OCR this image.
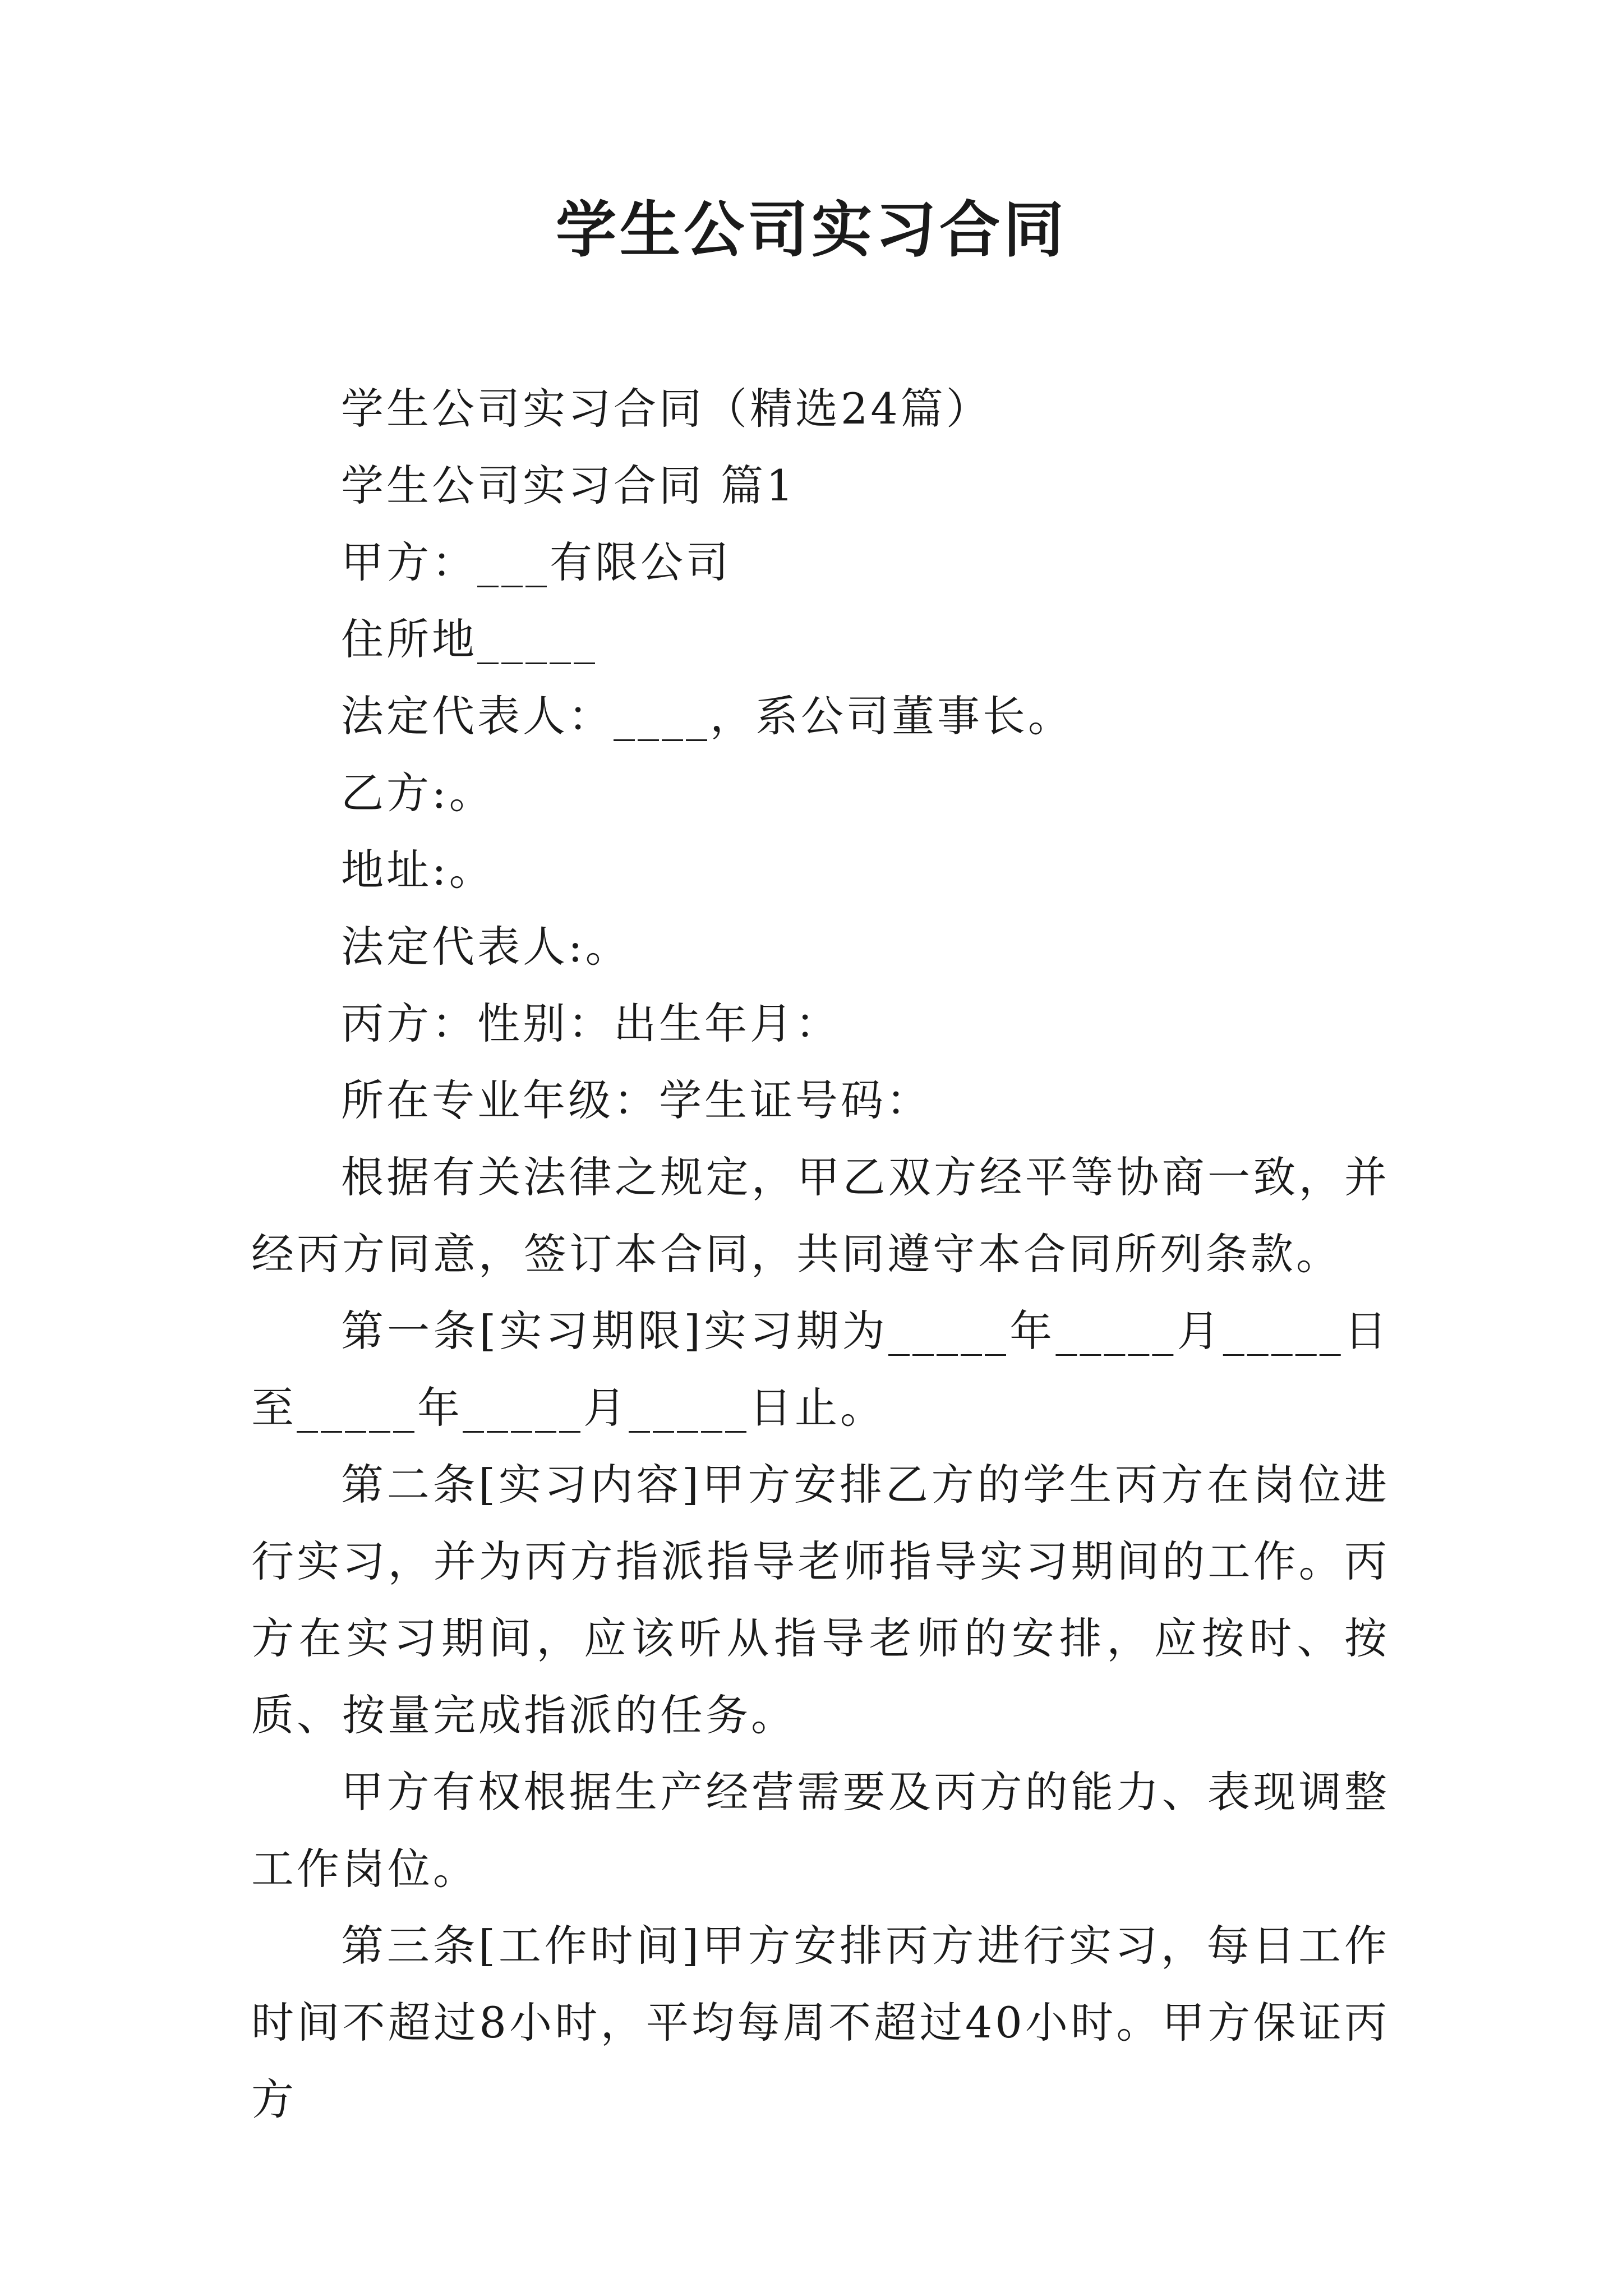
学生公司实习合同

学生公司实习合同（精选24篇）

学生公司实习合同 篇1

甲方：___有限公司

住所地_____

法定代表人：____，系公司董事长。

乙方:。

地址:。

法定代表人:。

丙方：性别：出生年月：

所在专业年级：学生证号码：

根据有关法律之规定，甲乙双方经平等协商一致，并经丙方同意，签订本合同，共同遵守本合同所列条款。

第一条[实习期限]实习期为_____年_____月_____日至_____年_____月_____日止。

第二条[实习内容]甲方安排乙方的学生丙方在岗位进行实习，并为丙方指派指导老师指导实习期间的工作。丙方在实习期间，应该听从指导老师的安排，应按时、按质、按量完成指派的任务。

甲方有权根据生产经营需要及丙方的能力、表现调整工作岗位。

第三条[工作时间]甲方安排丙方进行实习，每日工作时间不超过8小时，平均每周不超过40小时。甲方保证丙方
